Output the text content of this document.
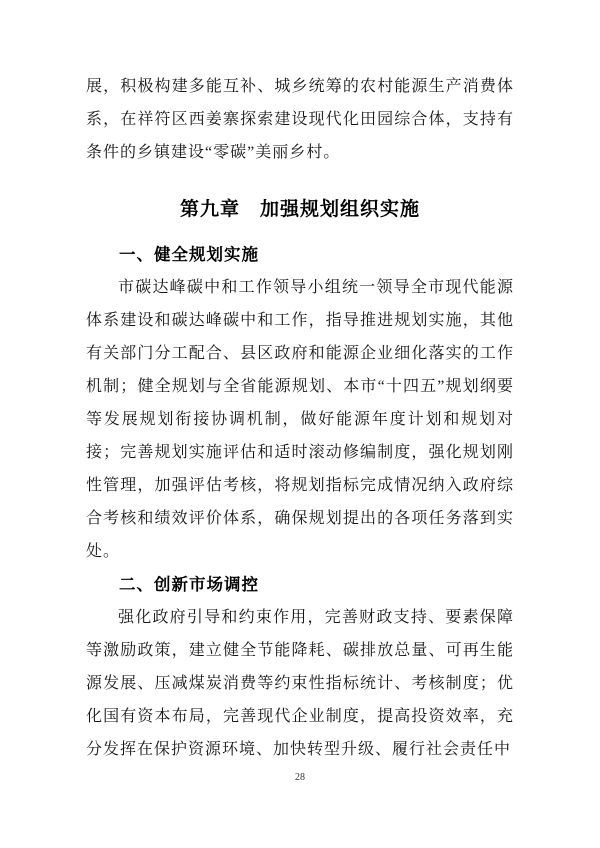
展，积极构建多能互补、城乡统筹的农村能源生产消费体系，在祥符区西姜寨探索建设现代化田园综合体，支持有条件的乡镇建设“零碳”美丽乡村。

第九章　加强规划组织实施
一、健全规划实施

市碳达峰碳中和工作领导小组统一领导全市现代能源体系建设和碳达峰碳中和工作，指导推进规划实施，其他有关部门分工配合、县区政府和能源企业细化落实的工作机制；健全规划与全省能源规划、本市“十四五”规划纲要等发展规划衔接协调机制，做好能源年度计划和规划对接；完善规划实施评估和适时滚动修编制度，强化规划刚性管理，加强评估考核，将规划指标完成情况纳入政府综合考核和绩效评价体系，确保规划提出的各项任务落到实处。

二、创新市场调控

强化政府引导和约束作用，完善财政支持、要素保障等激励政策，建立健全节能降耗、碳排放总量、可再生能源发展、压减煤炭消费等约束性指标统计、考核制度；优化国有资本布局，完善现代企业制度，提高投资效率，充分发挥在保护资源环境、加快转型升级、履行社会责任中

28
